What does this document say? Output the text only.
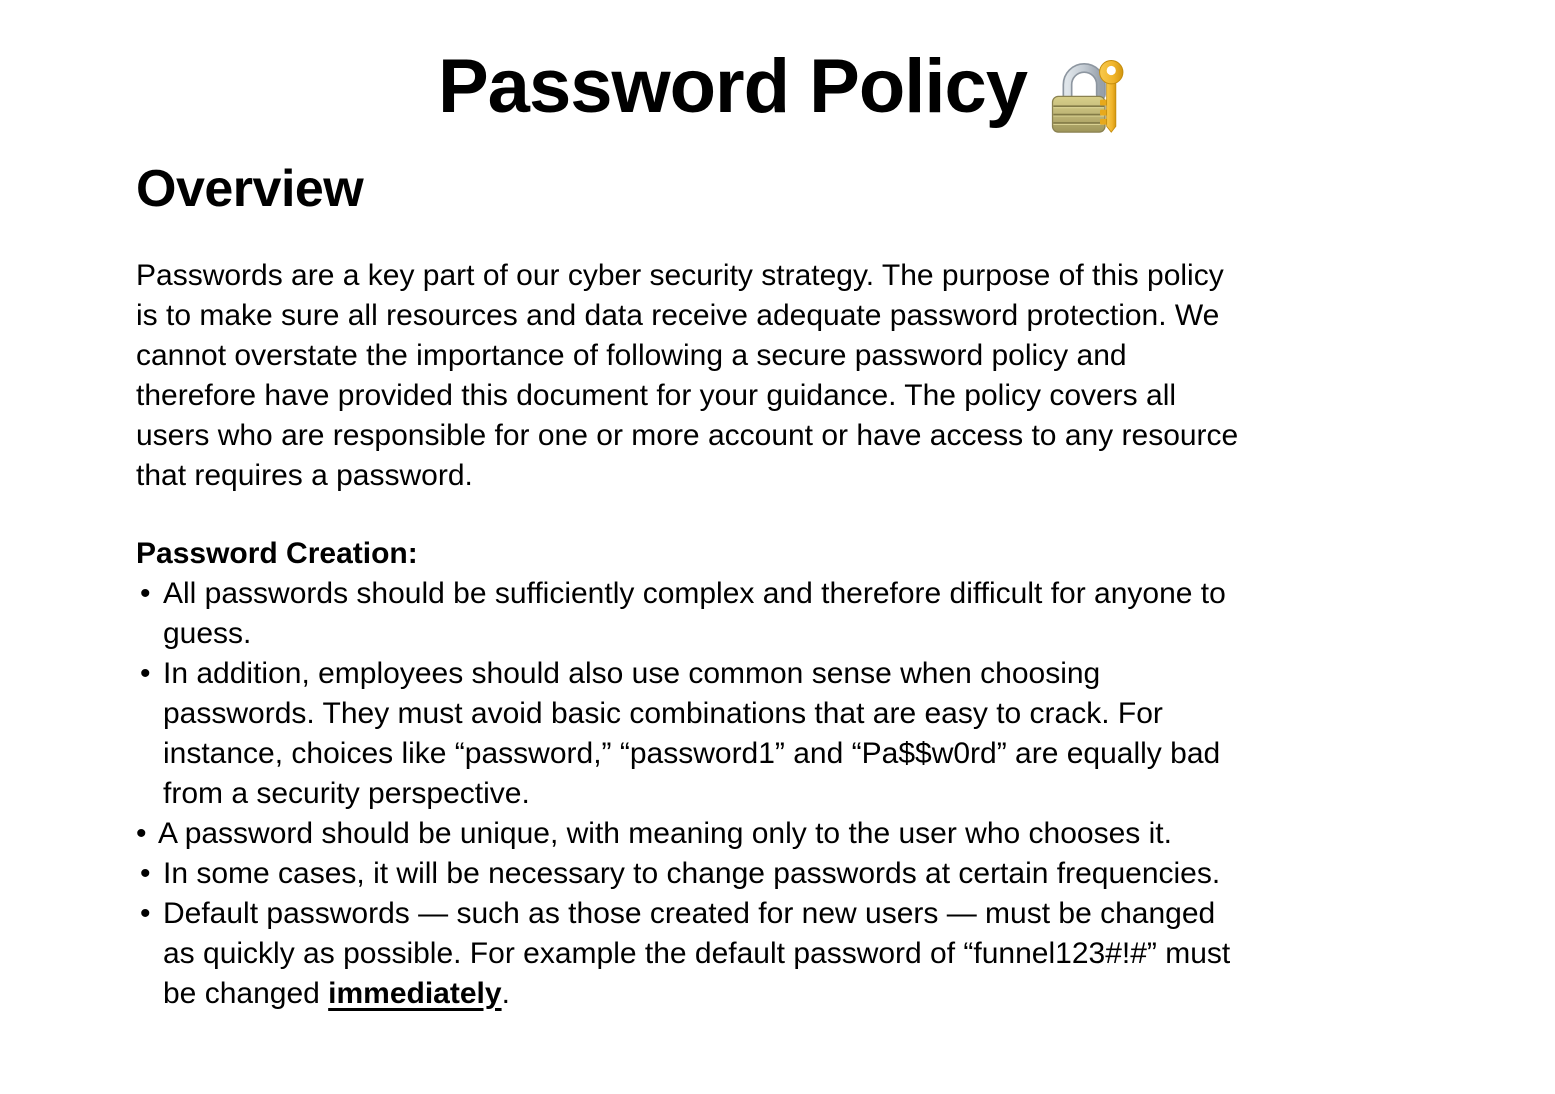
Password Policy
Overview

Passwords are a key part of our cyber security strategy. The purpose of this policy
is to make sure all resources and data receive adequate password protection. We
cannot overstate the importance of following a secure password policy and
therefore have provided this document for your guidance. The policy covers all
users who are responsible for one or more account or have access to any resource
that requires a password.

Password Creation:

• All passwords should be sufficiently complex and therefore difficult for anyone to
guess.
• In addition, employees should also use common sense when choosing
passwords. They must avoid basic combinations that are easy to crack. For
instance, choices like “password,” “password1” and “Pa$$w0rd” are equally bad
from a security perspective.
• A password should be unique, with meaning only to the user who chooses it.
• In some cases, it will be necessary to change passwords at certain frequencies.
• Default passwords — such as those created for new users — must be changed
as quickly as possible. For example the default password of “funnel123#!#” must
be changed immediately.
